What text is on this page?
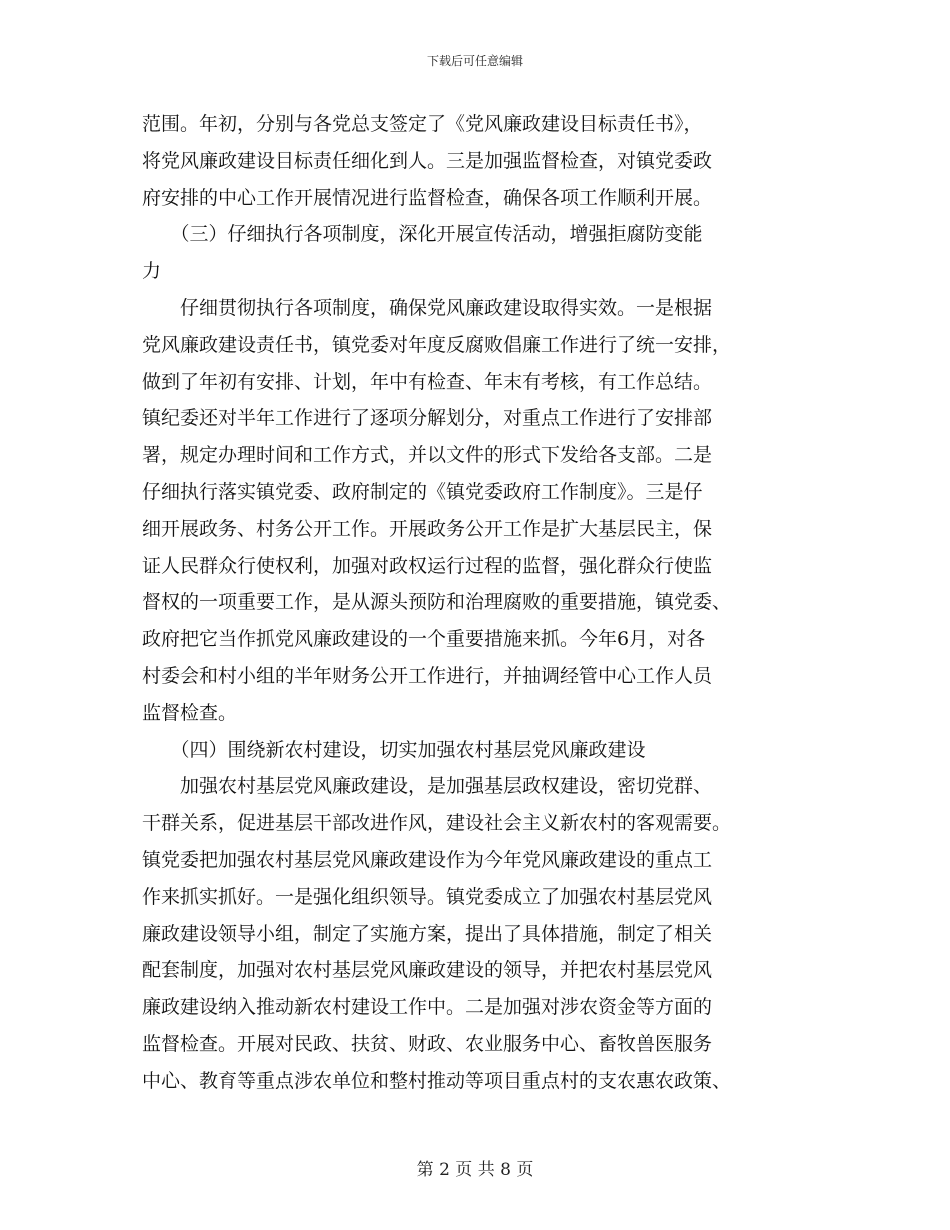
下载后可任意编辑
范围。年初，分别与各党总支签定了《党风廉政建设目标责任书》，
将党风廉政建设目标责任细化到人。三是加强监督检查，对镇党委政
府安排的中心工作开展情况进行监督检查，确保各项工作顺利开展。
　　（三）仔细执行各项制度，深化开展宣传活动，增强拒腐防变能
力
　　仔细贯彻执行各项制度，确保党风廉政建设取得实效。一是根据
党风廉政建设责任书，镇党委对年度反腐败倡廉工作进行了统一安排，
做到了年初有安排、计划，年中有检查、年末有考核，有工作总结。
镇纪委还对半年工作进行了逐项分解划分，对重点工作进行了安排部
署，规定办理时间和工作方式，并以文件的形式下发给各支部。二是
仔细执行落实镇党委、政府制定的《镇党委政府工作制度》。三是仔
细开展政务、村务公开工作。开展政务公开工作是扩大基层民主，保
证人民群众行使权利，加强对政权运行过程的监督，强化群众行使监
督权的一项重要工作，是从源头预防和治理腐败的重要措施，镇党委、
政府把它当作抓党风廉政建设的一个重要措施来抓。今年6月，对各
村委会和村小组的半年财务公开工作进行，并抽调经管中心工作人员
监督检查。
　　（四）围绕新农村建设，切实加强农村基层党风廉政建设
　　加强农村基层党风廉政建设，是加强基层政权建设，密切党群、
干群关系，促进基层干部改进作风，建设社会主义新农村的客观需要。
镇党委把加强农村基层党风廉政建设作为今年党风廉政建设的重点工
作来抓实抓好。一是强化组织领导。镇党委成立了加强农村基层党风
廉政建设领导小组，制定了实施方案，提出了具体措施，制定了相关
配套制度，加强对农村基层党风廉政建设的领导，并把农村基层党风
廉政建设纳入推动新农村建设工作中。二是加强对涉农资金等方面的
监督检查。开展对民政、扶贫、财政、农业服务中心、畜牧兽医服务
中心、教育等重点涉农单位和整村推动等项目重点村的支农惠农政策、
第 2 页 共 8 页
